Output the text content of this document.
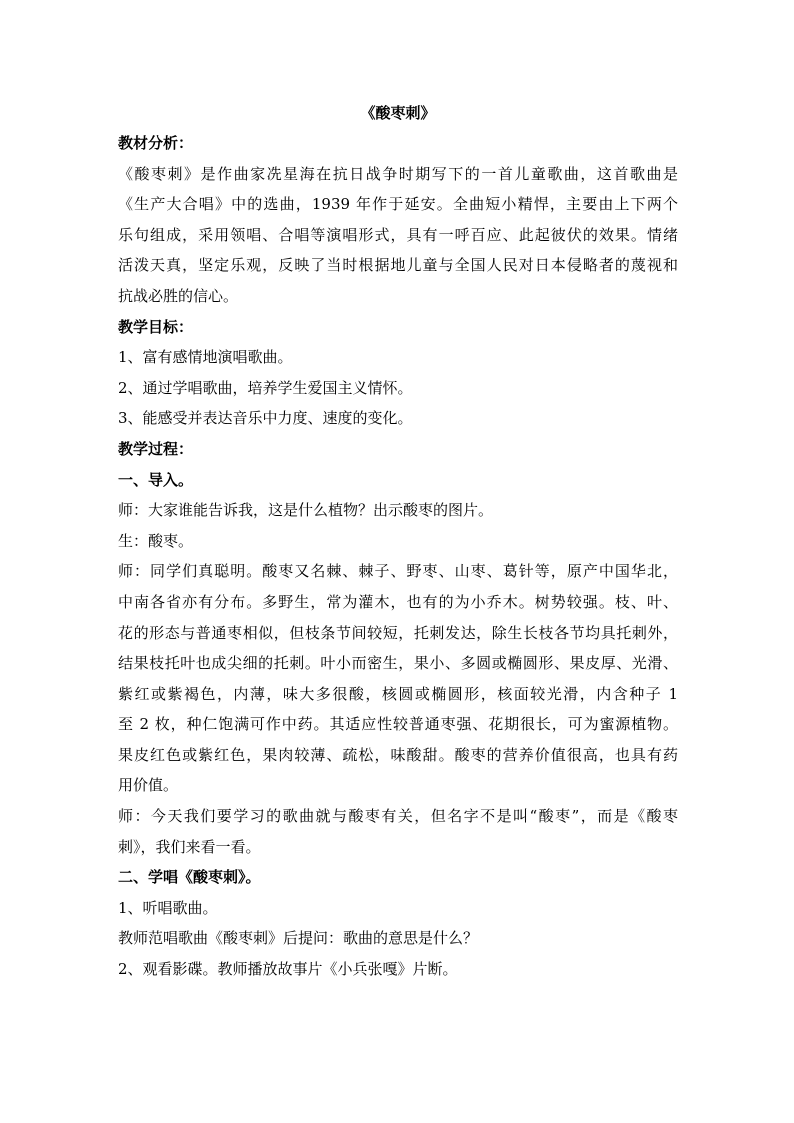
《酸枣刺》
教材分析：
《酸枣刺》是作曲家冼星海在抗日战争时期写下的一首儿童歌曲，这首歌曲是
《生产大合唱》中的选曲，1939 年作于延安。全曲短小精悍，主要由上下两个
乐句组成，采用领唱、合唱等演唱形式，具有一呼百应、此起彼伏的效果。情绪
活泼天真，坚定乐观，反映了当时根据地儿童与全国人民对日本侵略者的蔑视和
抗战必胜的信心。
教学目标：
1、富有感情地演唱歌曲。
2、通过学唱歌曲，培养学生爱国主义情怀。
3、能感受并表达音乐中力度、速度的变化。
教学过程：
一、导入。
师：大家谁能告诉我，这是什么植物？出示酸枣的图片。
生：酸枣。
师：同学们真聪明。酸枣又名棘、棘子、野枣、山枣、葛针等，原产中国华北，
中南各省亦有分布。多野生，常为灌木，也有的为小乔木。树势较强。枝、叶、
花的形态与普通枣相似，但枝条节间较短，托刺发达，除生长枝各节均具托刺外，
结果枝托叶也成尖细的托刺。叶小而密生，果小、多圆或椭圆形、果皮厚、光滑、
紫红或紫褐色，内薄，味大多很酸，核圆或椭圆形，核面较光滑，内含种子 1
至 2 枚，种仁饱满可作中药。其适应性较普通枣强、花期很长，可为蜜源植物。
果皮红色或紫红色，果肉较薄、疏松，味酸甜。酸枣的营养价值很高，也具有药
用价值。
师：今天我们要学习的歌曲就与酸枣有关，但名字不是叫“酸枣”，而是《酸枣
刺》，我们来看一看。
二、学唱《酸枣刺》。
1、听唱歌曲。
教师范唱歌曲《酸枣刺》后提问：歌曲的意思是什么？
2、观看影碟。教师播放故事片《小兵张嘎》片断。
